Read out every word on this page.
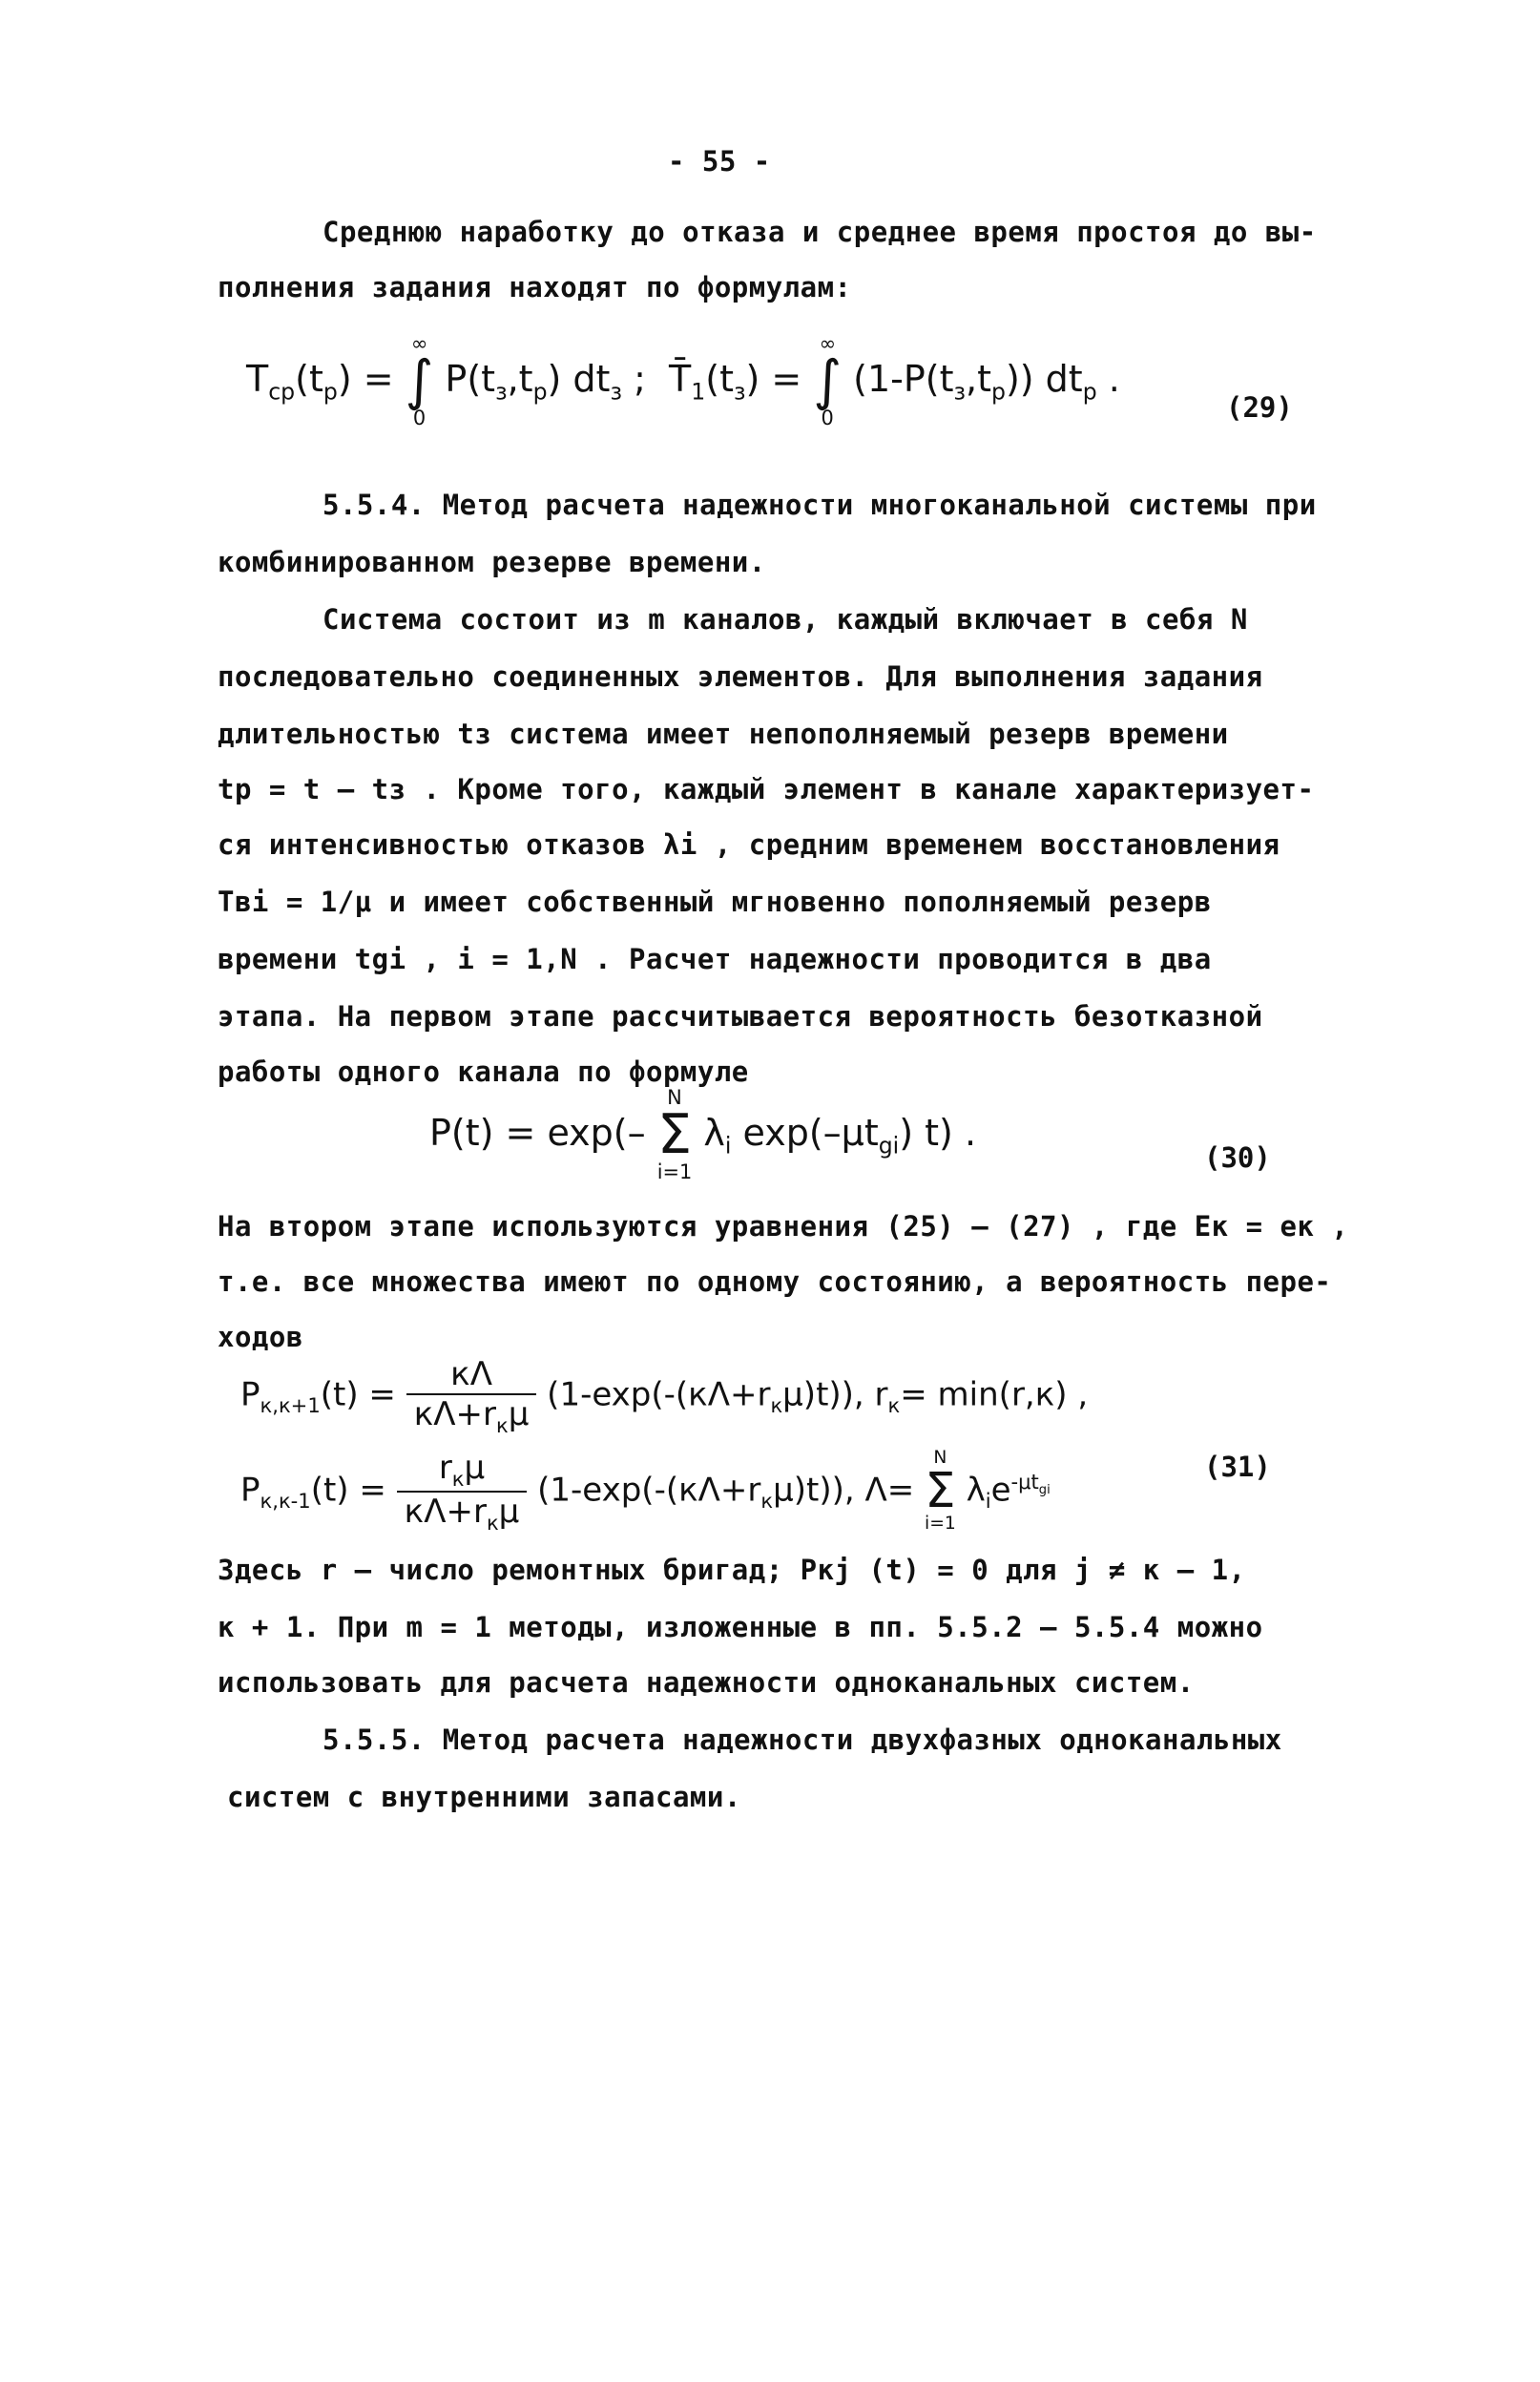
- 55 -
Среднюю наработку до отказа и среднее время простоя до вы-
полнения задания находят по формулам:
$T_{cp}(t_p)$ =
∞
∫
0
$P(t_з,t_p)$ $dt_з$ ;  $T̄_1(t_з)$ =
∞
∫
0
$(1-P(t_з,t_p))$ $dt_p$ .
(29)
5.5.4. Метод расчета надежности многоканальной системы при
комбинированном резерве времени.
Система состоит из m каналов, каждый включает в себя N
последовательно соединенных элементов. Для выполнения задания
длительностью tз система имеет непополняемый резерв времени
tр = t – tз . Кроме того, каждый элемент в канале характеризует-
ся интенсивностью отказов λi , средним временем восстановления
Tвi = 1/μ и имеет собственный мгновенно пополняемый резерв
времени tgi , i = 1,N . Расчет надежности проводится в два
этапа. На первом этапе рассчитывается вероятность безотказной
работы одного канала по формуле
P(t) = exp(–
N
Σ
i=1
$\lambda_i$ $\exp(-\mu t_{gi})$ t) .
(30)
На втором этапе используются уравнения (25) – (27) , где Eк = eк ,
т.е. все множества имеют по одному состоянию, а вероятность пере-
ходов
$P_{к,к+1}(t) = \frac{к\Lambda}{к\Lambda+r_к\mu} (1-\exp(-(к\Lambda+r_к\mu)t))$, $r_к= \min(r,к)$ ,
$P_{к,к-1}(t) = \frac{r_к\mu}{к\Lambda+r_к\mu} (1-\exp(-(к\Lambda+r_к\mu)t))$, Λ=
N
Σ
i=1
$\lambda_ie^{-\mu t_{gi}}$
(31)
Здесь r – число ремонтных бригад; Pкj (t) = 0 для j ≠ к – 1,
к + 1. При m = 1 методы, изложенные в пп. 5.5.2 – 5.5.4 можно
использовать для расчета надежности одноканальных систем.
5.5.5. Метод расчета надежности двухфазных одноканальных
систем с внутренними запасами.
